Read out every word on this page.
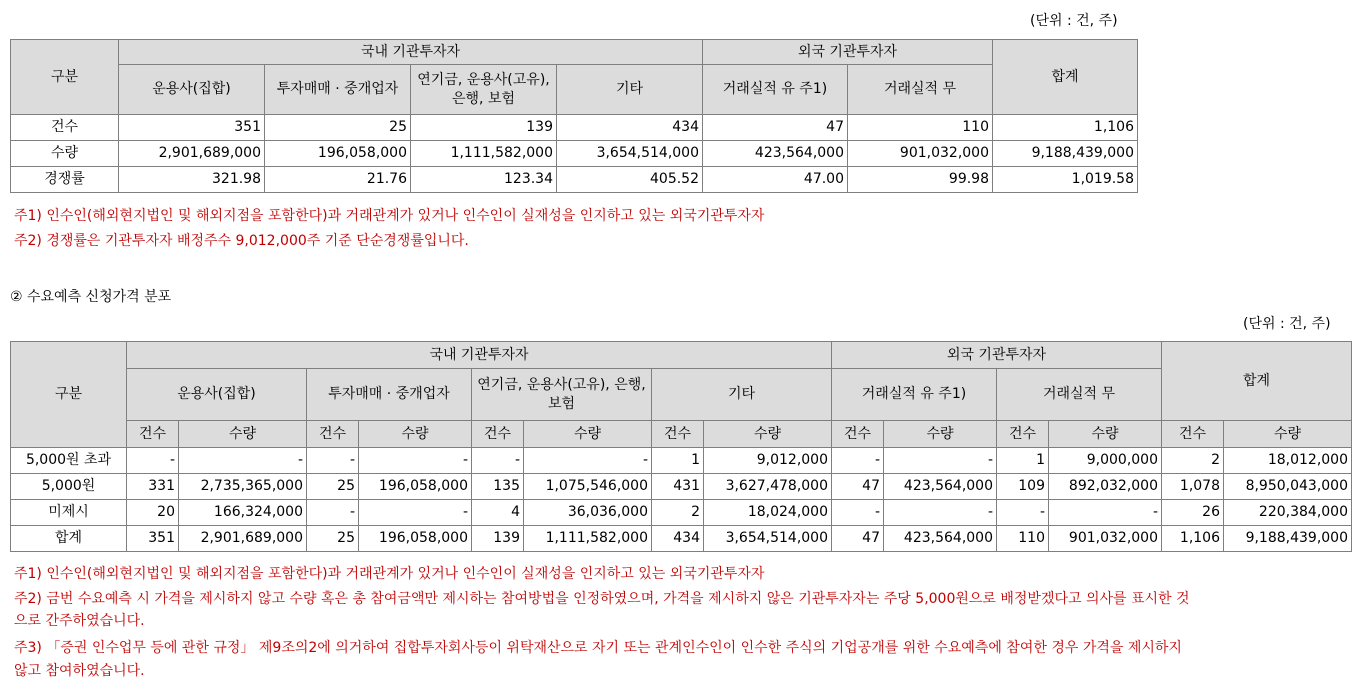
(단위 : 건, 주)
구분	국내 기관투자자				외국 기관투자자		합계
	운용사(집합)	투자매매 · 중개업자	연기금, 운용사(고유), 은행, 보험	기타	거래실적 유 주1)	거래실적 무	
건수	351	25	139	434	47	110	1,106
수량	2,901,689,000	196,058,000	1,111,582,000	3,654,514,000	423,564,000	901,032,000	9,188,439,000
경쟁률	321.98	21.76	123.34	405.52	47.00	99.98	1,019.58
주1) 인수인(해외현지법인 및 해외지점을 포함한다)과 거래관계가 있거나 인수인이 실재성을 인지하고 있는 외국기관투자자
주2) 경쟁률은 기관투자자 배정주수 9,012,000주 기준 단순경쟁률입니다.
② 수요예측 신청가격 분포
(단위 : 건, 주)
구분	국내 기관투자자								외국 기관투자자				합계	
	운용사(집합)		투자매매 · 중개업자		연기금, 운용사(고유), 은행, 보험		기타		거래실적 유 주1)		거래실적 무			
	건수	수량	건수	수량	건수	수량	건수	수량	건수	수량	건수	수량	건수	수량
5,000원 초과	-	-	-	-	-	-	1	9,012,000	-	-	1	9,000,000	2	18,012,000
5,000원	331	2,735,365,000	25	196,058,000	135	1,075,546,000	431	3,627,478,000	47	423,564,000	109	892,032,000	1,078	8,950,043,000
미제시	20	166,324,000	-	-	4	36,036,000	2	18,024,000	-	-	-	-	26	220,384,000
합계	351	2,901,689,000	25	196,058,000	139	1,111,582,000	434	3,654,514,000	47	423,564,000	110	901,032,000	1,106	9,188,439,000
주1) 인수인(해외현지법인 및 해외지점을 포함한다)과 거래관계가 있거나 인수인이 실재성을 인지하고 있는 외국기관투자자
주2) 금번 수요예측 시 가격을 제시하지 않고 수량 혹은 총 참여금액만 제시하는 참여방법을 인정하였으며, 가격을 제시하지 않은 기관투자자는 주당 5,000원으로 배정받겠다고 의사를 표시한 것
으로 간주하였습니다.
주3) 「증권 인수업무 등에 관한 규정」 제9조의2에 의거하여 집합투자회사등이 위탁재산으로 자기 또는 관계인수인이 인수한 주식의 기업공개를 위한 수요예측에 참여한 경우 가격을 제시하지
않고 참여하였습니다.
